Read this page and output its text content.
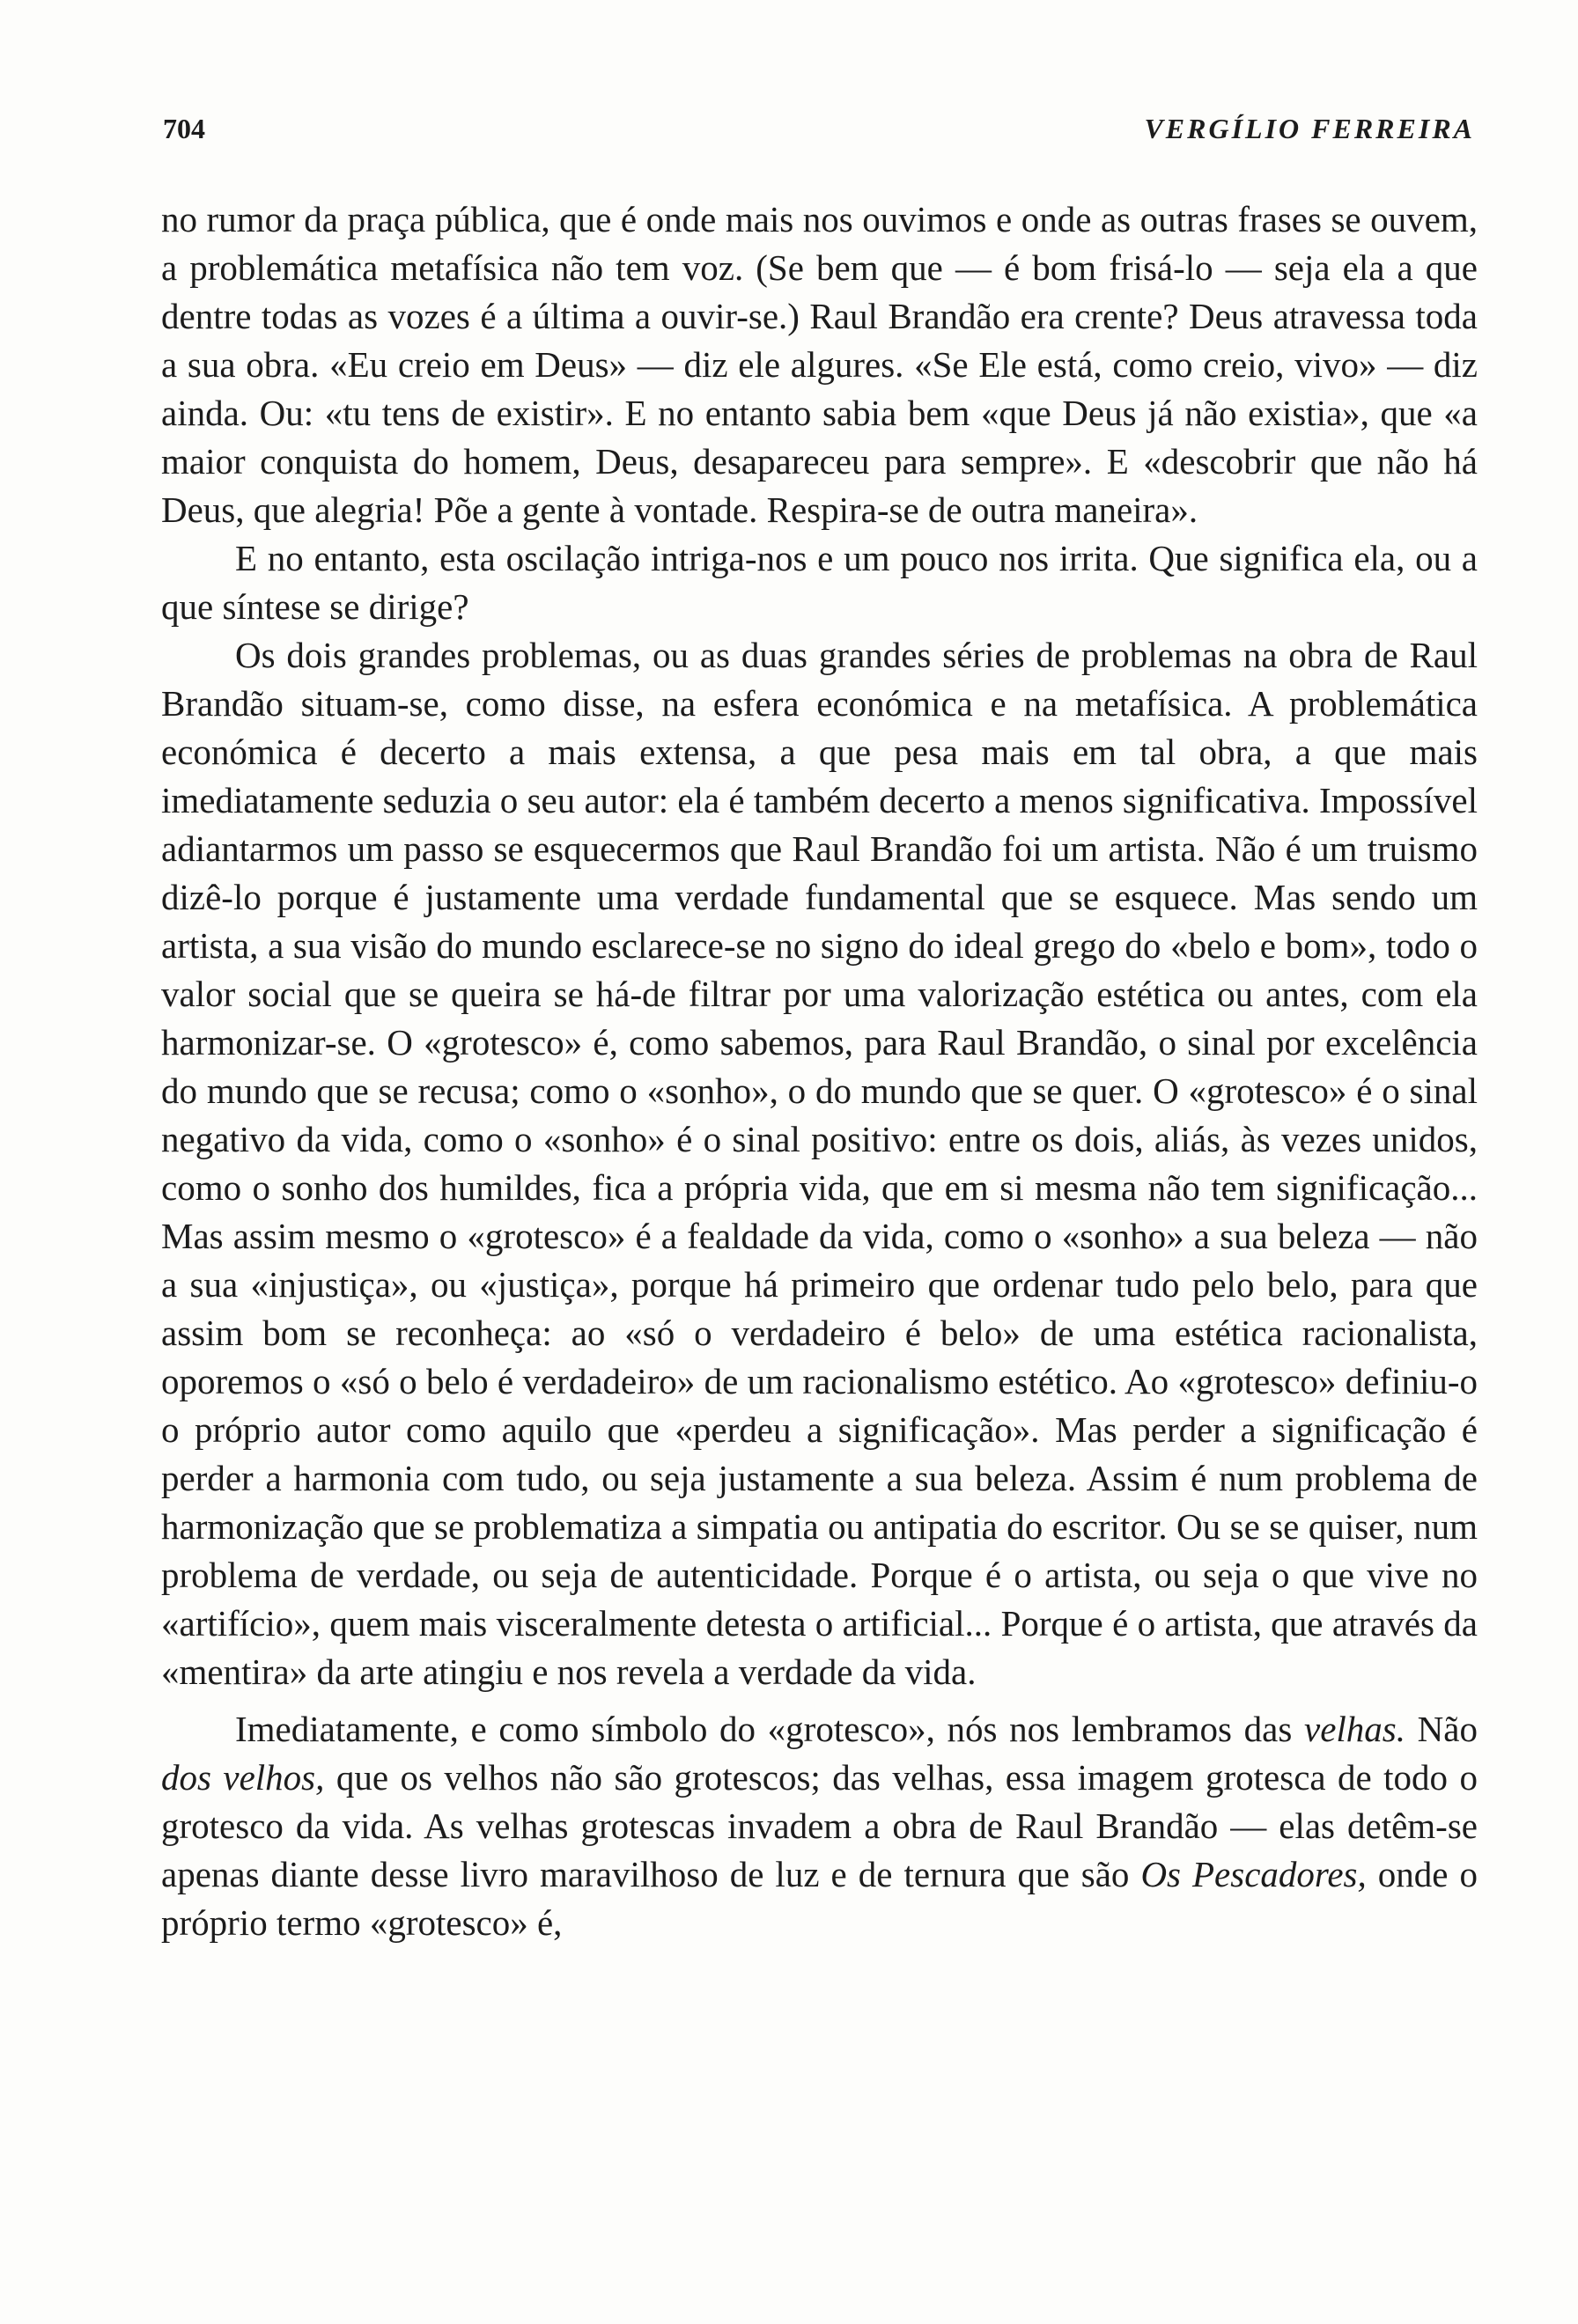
704	VERGÍLIO FERREIRA

no rumor da praça pública, que é onde mais nos ouvimos e onde as outras frases se ouvem, a problemática metafísica não tem voz. (Se bem que — é bom frisá-lo — seja ela a que dentre todas as vozes é a última a ouvir-se.) Raul Brandão era crente? Deus atravessa toda a sua obra. «Eu creio em Deus» — diz ele algures. «Se Ele está, como creio, vivo» — diz ainda. Ou: «tu tens de existir». E no entanto sabia bem «que Deus já não existia», que «a maior conquista do homem, Deus, desapareceu para sempre». E «descobrir que não há Deus, que alegria! Põe a gente à vontade. Respira-se de outra maneira».

E no entanto, esta oscilação intriga-nos e um pouco nos irrita. Que significa ela, ou a que síntese se dirige?

Os dois grandes problemas, ou as duas grandes séries de problemas na obra de Raul Brandão situam-se, como disse, na esfera económica e na metafísica. A problemática económica é decerto a mais extensa, a que pesa mais em tal obra, a que mais imediatamente seduzia o seu autor: ela é também decerto a menos significativa. Impossível adiantarmos um passo se esquecermos que Raul Brandão foi um artista. Não é um truismo dizê-lo porque é justamente uma verdade fundamental que se esquece. Mas sendo um artista, a sua visão do mundo esclarece-se no signo do ideal grego do «belo e bom», todo o valor social que se queira se há-de filtrar por uma valorização estética ou antes, com ela harmonizar-se. O «grotesco» é, como sabemos, para Raul Brandão, o sinal por excelência do mundo que se recusa; como o «sonho», o do mundo que se quer. O «grotesco» é o sinal negativo da vida, como o «sonho» é o sinal positivo: entre os dois, aliás, às vezes unidos, como o sonho dos humildes, fica a própria vida, que em si mesma não tem significação... Mas assim mesmo o «grotesco» é a fealdade da vida, como o «sonho» a sua beleza — não a sua «injustiça», ou «justiça», porque há primeiro que ordenar tudo pelo belo, para que assim bom se reconheça: ao «só o verdadeiro é belo» de uma estética racionalista, oporemos o «só o belo é verdadeiro» de um racionalismo estético. Ao «grotesco» definiu-o o próprio autor como aquilo que «perdeu a significação». Mas perder a significação é perder a harmonia com tudo, ou seja justamente a sua beleza. Assim é num problema de harmonização que se problematiza a simpatia ou antipatia do escritor. Ou se se quiser, num problema de verdade, ou seja de autenticidade. Porque é o artista, ou seja o que vive no «artifício», quem mais visceralmente detesta o artificial... Porque é o artista, que através da «mentira» da arte atingiu e nos revela a verdade da vida.

Imediatamente, e como símbolo do «grotesco», nós nos lembramos das velhas. Não dos velhos, que os velhos não são grotescos; das velhas, essa imagem grotesca de todo o grotesco da vida. As velhas grotescas invadem a obra de Raul Brandão — elas detêm-se apenas diante desse livro maravilhoso de luz e de ternura que são Os Pescadores, onde o próprio termo «grotesco» é,
